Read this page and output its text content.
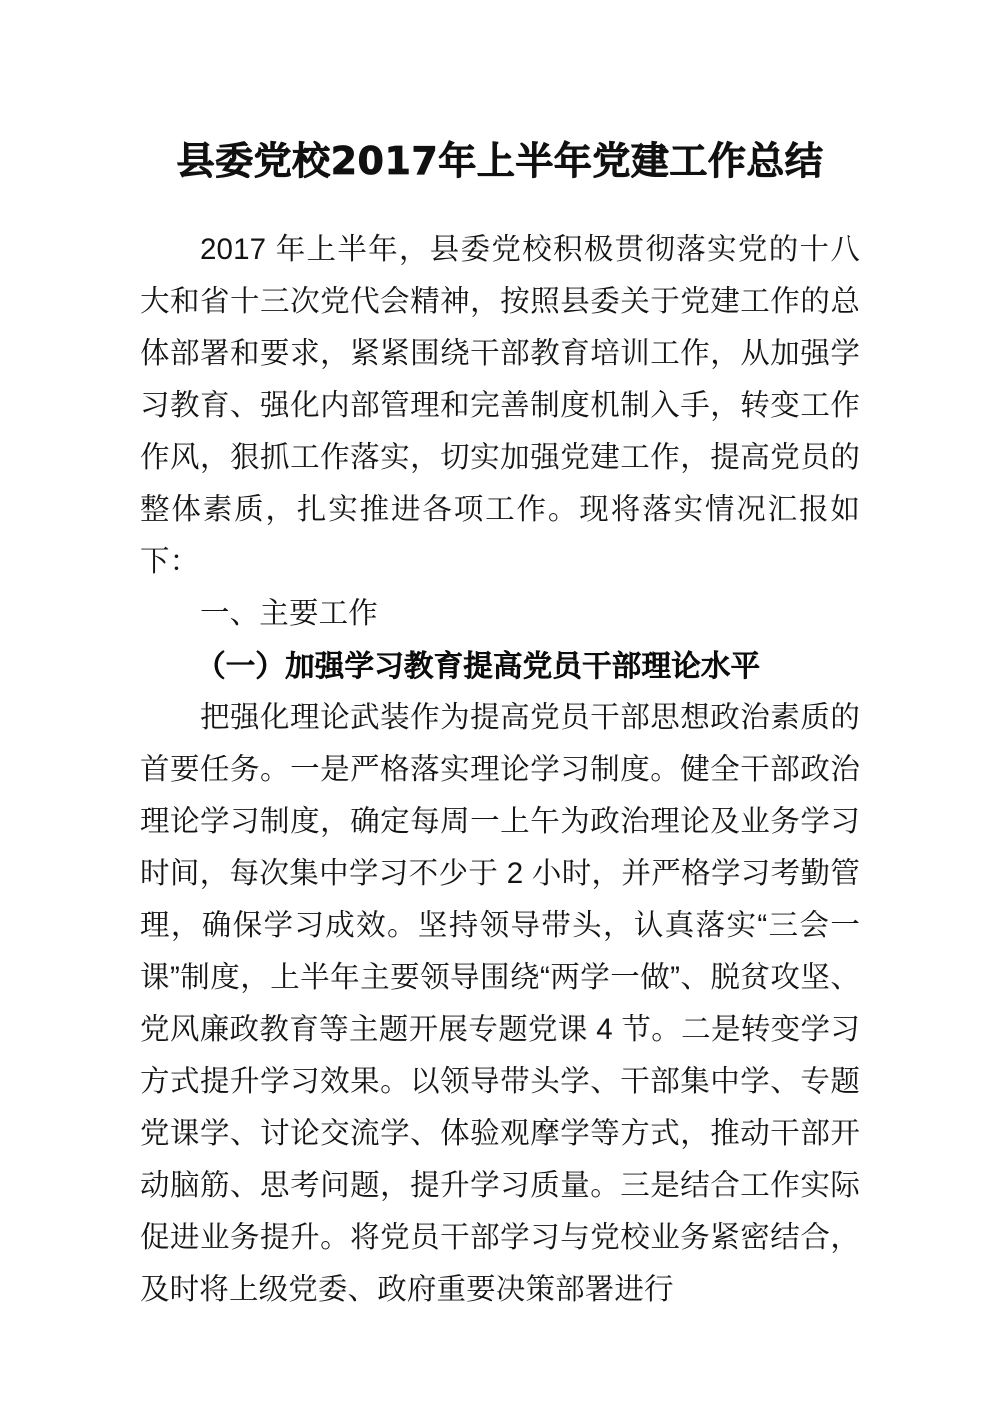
县委党校2017年上半年党建工作总结

2017 年上半年，县委党校积极贯彻落实党的十八大和省十三次党代会精神，按照县委关于党建工作的总体部署和要求，紧紧围绕干部教育培训工作，从加强学习教育、强化内部管理和完善制度机制入手，转变工作作风，狠抓工作落实，切实加强党建工作，提高党员的整体素质，扎实推进各项工作。现将落实情况汇报如下：

一、主要工作

（一）加强学习教育提高党员干部理论水平

把强化理论武装作为提高党员干部思想政治素质的首要任务。一是严格落实理论学习制度。健全干部政治理论学习制度，确定每周一上午为政治理论及业务学习时间，每次集中学习不少于 2 小时，并严格学习考勤管理，确保学习成效。坚持领导带头，认真落实“三会一课”制度，上半年主要领导围绕“两学一做”、脱贫攻坚、党风廉政教育等主题开展专题党课 4 节。二是转变学习方式提升学习效果。以领导带头学、干部集中学、专题党课学、讨论交流学、体验观摩学等方式，推动干部开动脑筋、思考问题，提升学习质量。三是结合工作实际促进业务提升。将党员干部学习与党校业务紧密结合，及时将上级党委、政府重要决策部署进行
